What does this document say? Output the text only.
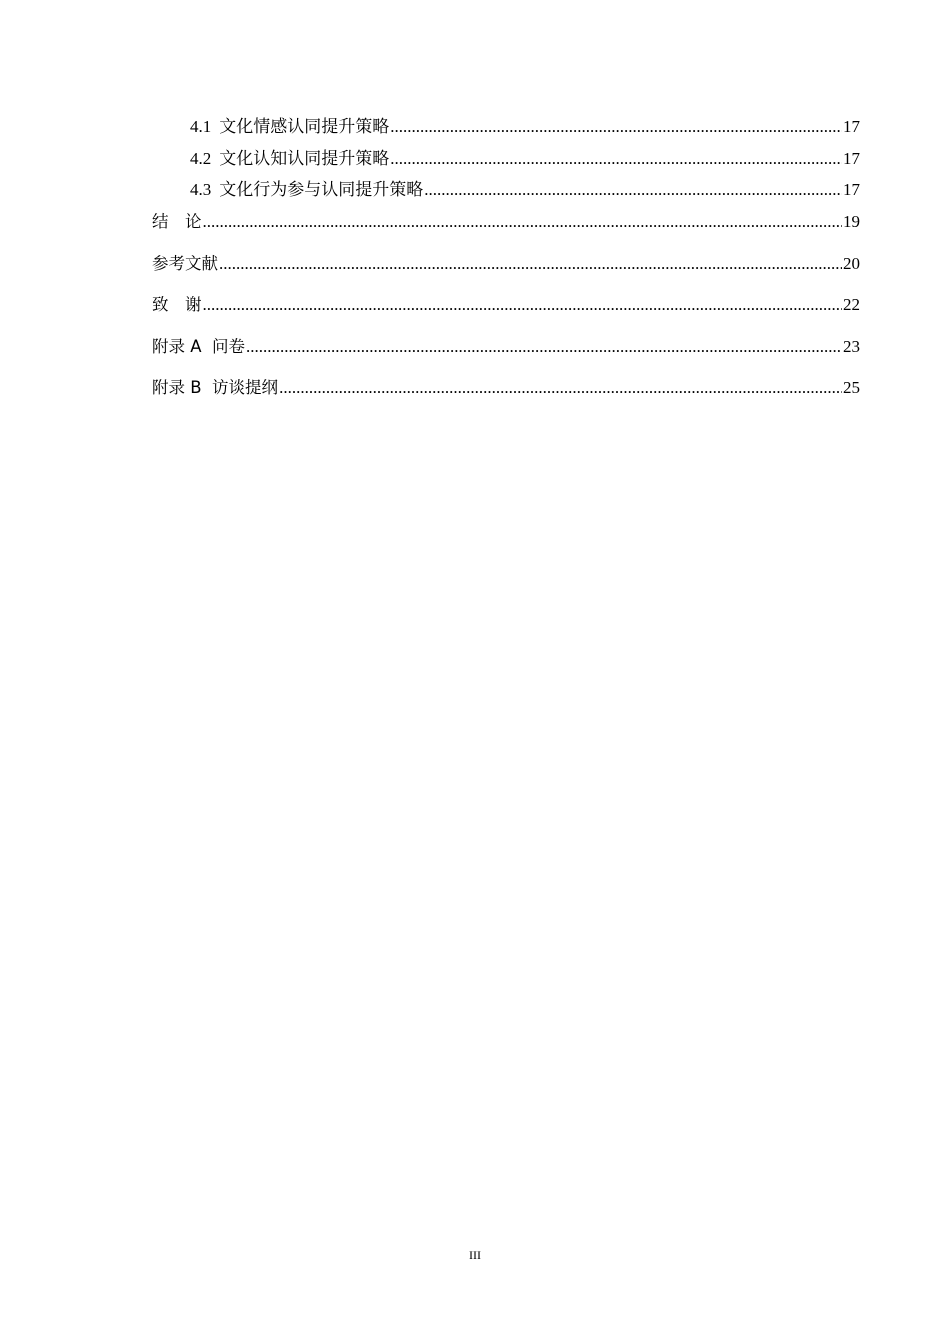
4.1 文化情感认同提升策略 .....	17
4.2 文化认知认同提升策略 .....	17
4.3 文化行为参与认同提升策略 .....	17
结　论 .....	19
参考文献 .....	20
致　谢 .....	22
附录 A  问卷 .....	23
附录 B  访谈提纲 .....	25
III
